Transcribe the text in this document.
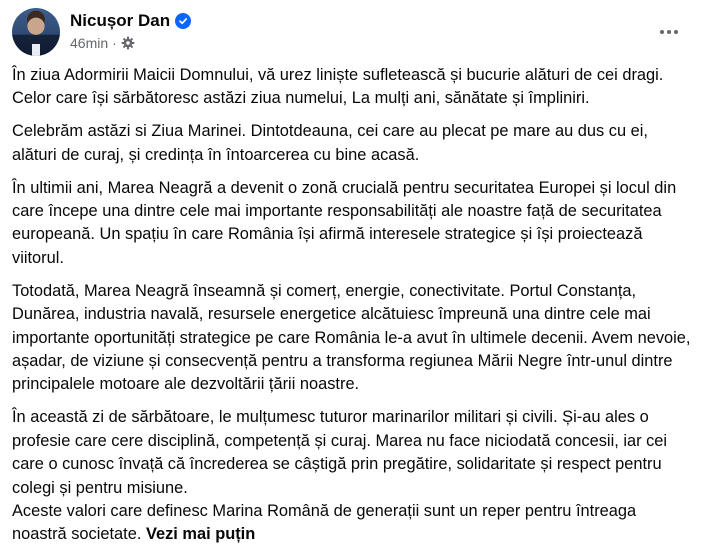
Nicușor Dan
46min ·

În ziua Adormirii Maicii Domnului, vă urez liniște sufletească și bucurie alături de cei dragi. Celor care își sărbătoresc astăzi ziua numelui, La mulți ani, sănătate și împliniri.

Celebrăm astăzi si Ziua Marinei. Dintotdeauna, cei care au plecat pe mare au dus cu ei, alături de curaj, și credința în întoarcerea cu bine acasă.

În ultimii ani, Marea Neagră a devenit o zonă crucială pentru securitatea Europei și locul din care începe una dintre cele mai importante responsabilități ale noastre față de securitatea europeană. Un spațiu în care România își afirmă interesele strategice și își proiectează viitorul.

Totodată, Marea Neagră înseamnă și comerț, energie, conectivitate. Portul Constanța, Dunărea, industria navală, resursele energetice alcătuiesc împreună una dintre cele mai importante oportunități strategice pe care România le-a avut în ultimele decenii. Avem nevoie, așadar, de viziune și consecvență pentru a transforma regiunea Mării Negre într-unul dintre principalele motoare ale dezvoltării țării noastre.

În această zi de sărbătoare, le mulțumesc tuturor marinarilor militari și civili. Și-au ales o profesie care cere disciplină, competență și curaj. Marea nu face niciodată concesii, iar cei care o cunosc învață că încrederea se câștigă prin pregătire, solidaritate și respect pentru colegi și pentru misiune.

Aceste valori care definesc Marina Română de generații sunt un reper pentru întreaga noastră societate. Vezi mai puțin
